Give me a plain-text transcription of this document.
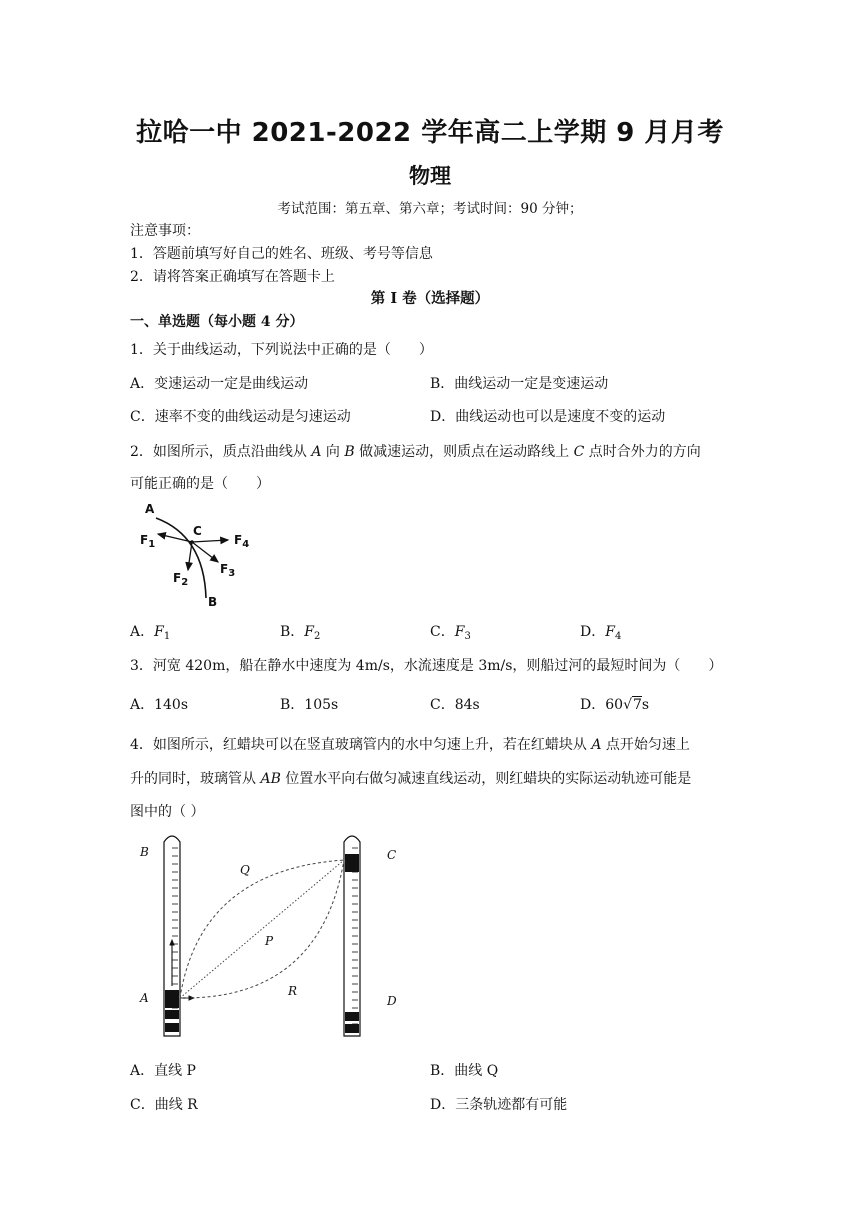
拉哈一中 2021-2022 学年高二上学期 9 月月考
物理
考试范围：第五章、第六章；考试时间：90 分钟；
注意事项：
1．答题前填写好自己的姓名、班级、考号等信息
2．请将答案正确填写在答题卡上
第 I 卷（选择题）
一、单选题（每小题 4 分）
1．关于曲线运动，下列说法中正确的是（　　）
A．变速运动一定是曲线运动	B．曲线运动一定是变速运动
C．速率不变的曲线运动是匀速运动	D．曲线运动也可以是速度不变的运动
2．如图所示，质点沿曲线从 A 向 B 做减速运动，则质点在运动路线上 C 点时合外力的方向
可能正确的是（　　）
A
C
$F_1$	$F_4$
$F_3$
$F_2$
B
A．$F_1$	B．$F_2$	C．$F_3$	D．$F_4$
3．河宽 420m，船在静水中速度为 4m/s，水流速度是 3m/s，则船过河的最短时间为（　　）
A．140s	B．105s	C．84s	D．60√7s
4．如图所示，红蜡块可以在竖直玻璃管内的水中匀速上升，若在红蜡块从 A 点开始匀速上
升的同时，玻璃管从 AB 位置水平向右做匀减速直线运动，则红蜡块的实际运动轨迹可能是
图中的（ ）
B	C
Q
P
R
A	D
A．直线 P	B．曲线 Q
C．曲线 R	D．三条轨迹都有可能
